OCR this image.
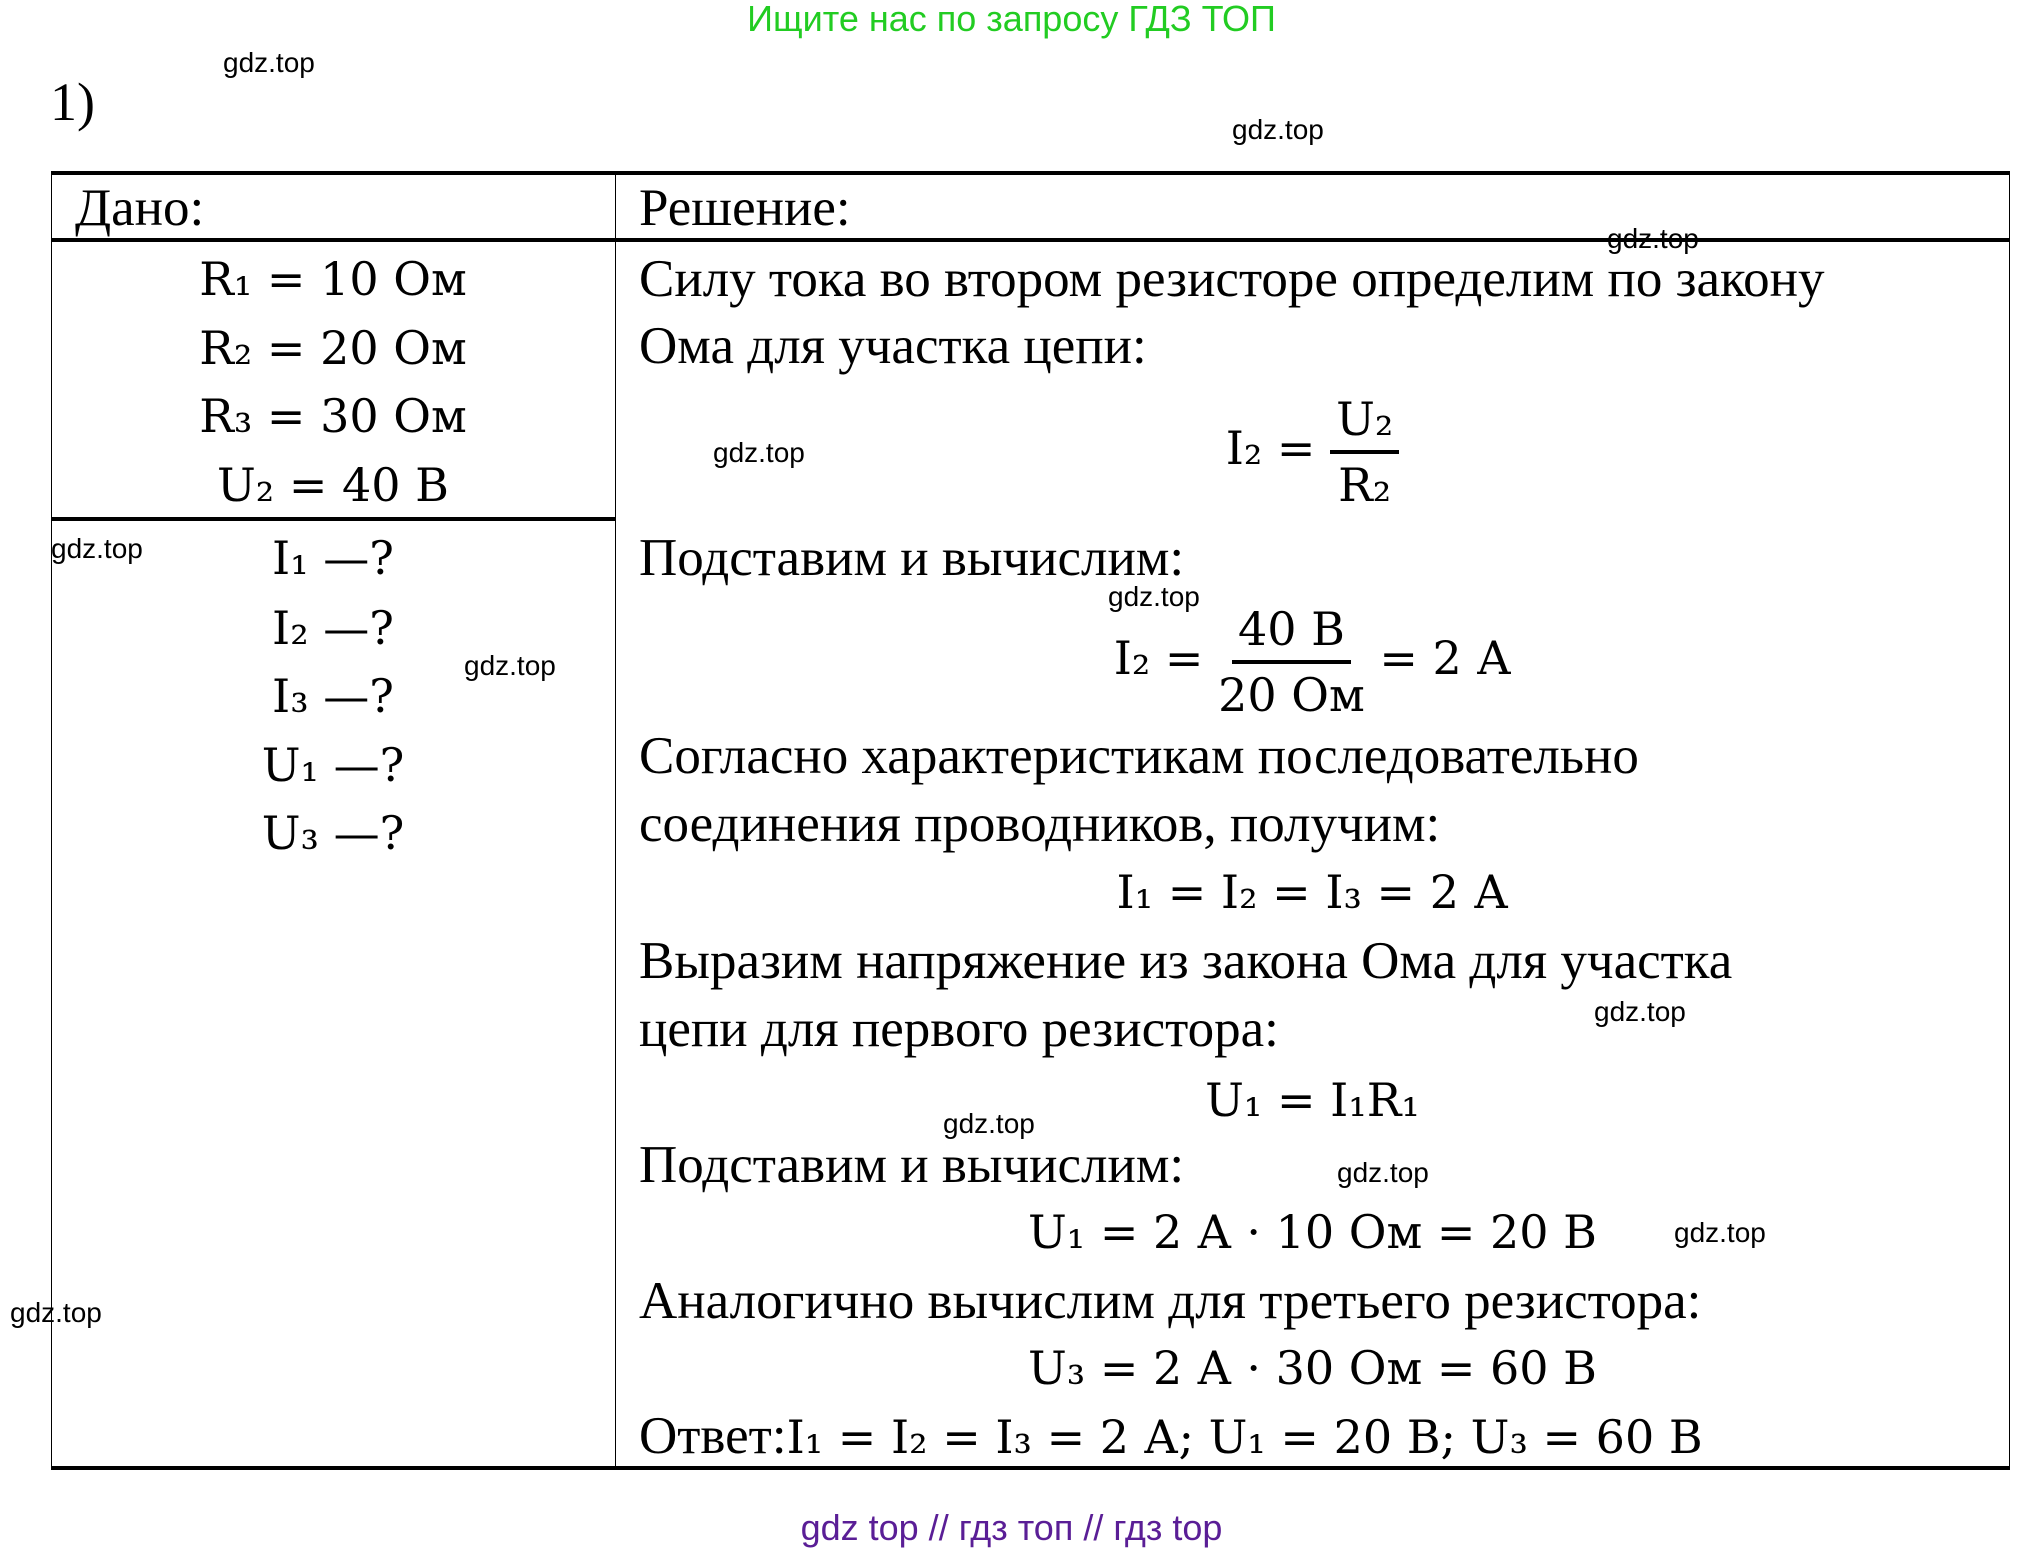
Ищите нас по запросу ГДЗ ТОП
1)
Дано:	Решение:
R₁ = 10 Ом
R₂ = 20 Ом
R₃ = 30 Ом
U₂ = 40 В
I₁ —?
I₂ —?
I₃ —?
U₁ —?
U₃ —?
Силу тока во втором резисторе определим по закону
Ома для участка цепи:
$I_2 = \frac{\text{U₂}}{\text{R₂}}$
Подставим и вычислим:
$I_2 = \frac{40 В}{20 Ом} = 2$ А
Согласно характеристикам последовательно
соединения проводников, получим:
I₁ = I₂ = I₃ = 2 А
Выразим напряжение из закона Ома для участка
цепи для первого резистора:
U₁ = I₁R₁
Подставим и вычислим:
U₁ = 2 А · 10 Ом = 20 В
Аналогично вычислим для третьего резистора:
U₃ = 2 А · 30 Ом = 60 В
Ответ:I₁ = I₂ = I₃ = 2 А; U₁ = 20 В; U₃ = 60 В
gdz.top
gdz.top
gdz.top
gdz.top
gdz.top
gdz.top
gdz.top
gdz.top
gdz.top
gdz.top
gdz.top
gdz.top
gdz top // гдз топ // гдз top
